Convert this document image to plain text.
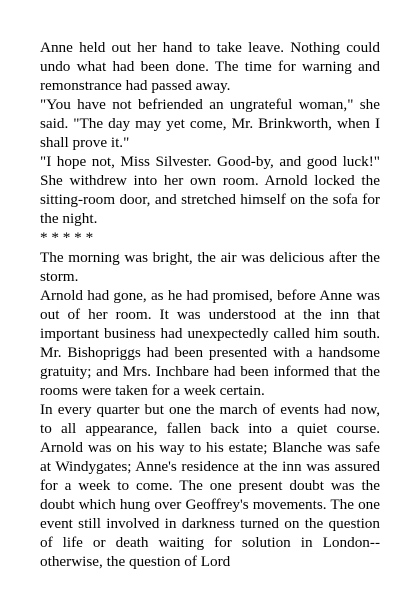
Anne held out her hand to take leave. Nothing could undo what had been done. The time for warning and remonstrance had passed away.

"You have not befriended an ungrateful woman," she said. "The day may yet come, Mr. Brinkworth, when I shall prove it."

"I hope not, Miss Silvester. Good-by, and good luck!" She withdrew into her own room. Arnold locked the sitting-room door, and stretched himself on the sofa for the night.

* * * * *

The morning was bright, the air was delicious after the storm.

Arnold had gone, as he had promised, before Anne was out of her room. It was understood at the inn that important business had unexpectedly called him south. Mr. Bishopriggs had been presented with a handsome gratuity; and Mrs. Inchbare had been informed that the rooms were taken for a week certain.

In every quarter but one the march of events had now, to all appearance, fallen back into a quiet course. Arnold was on his way to his estate; Blanche was safe at Windygates; Anne's residence at the inn was assured for a week to come. The one present doubt was the doubt which hung over Geoffrey's movements. The one event still involved in darkness turned on the question of life or death waiting for solution in London--otherwise, the question of Lord
